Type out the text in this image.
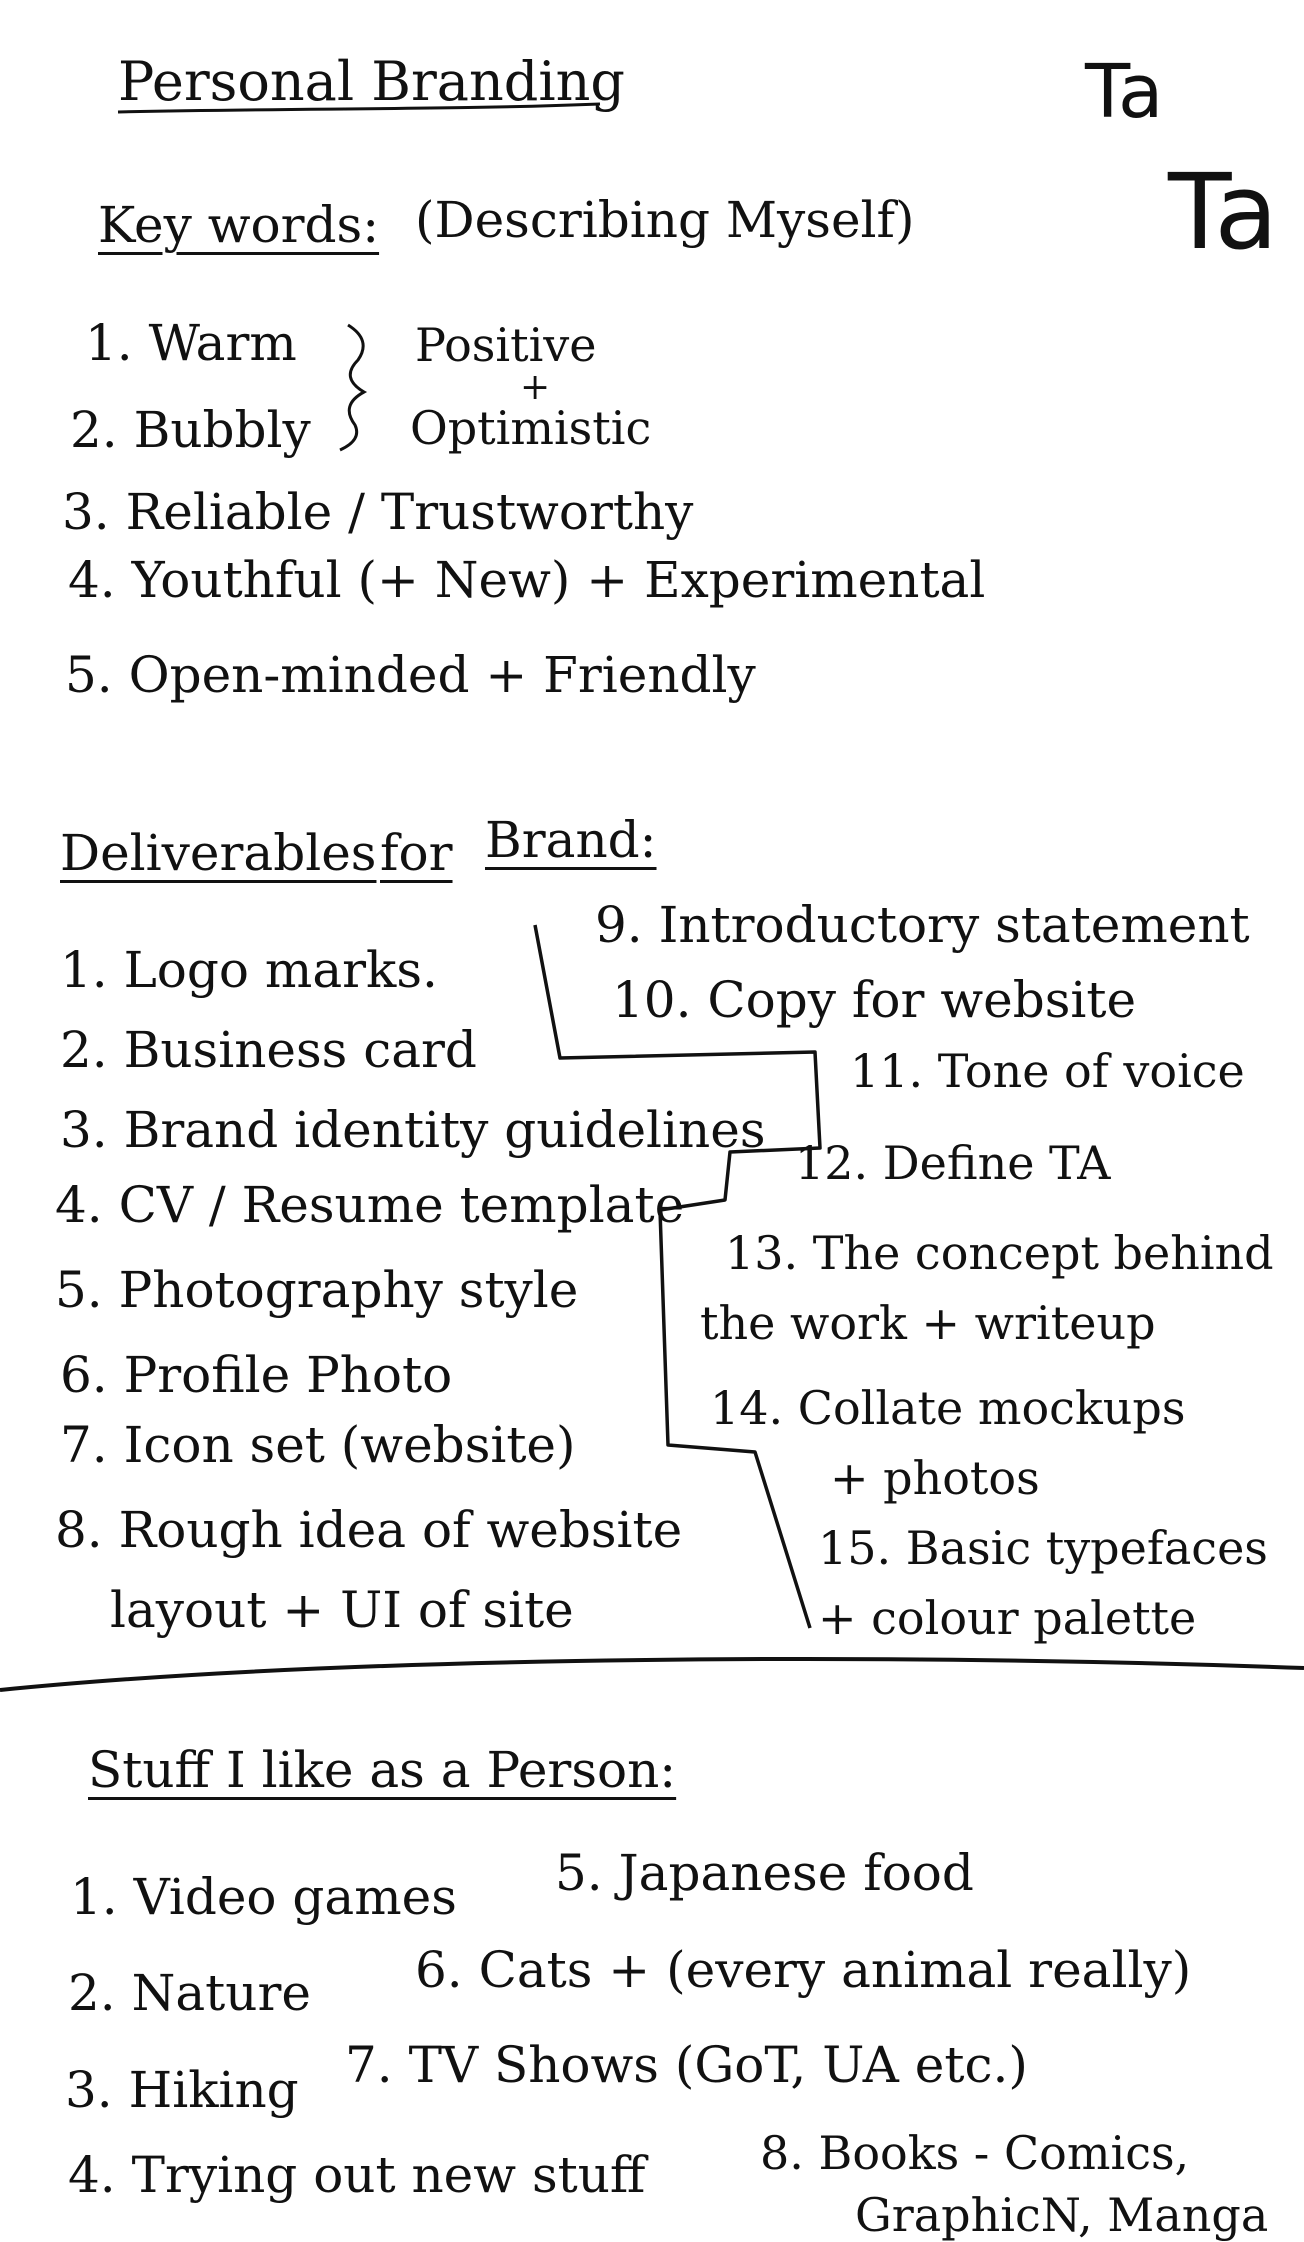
Personal Branding	Ta
Ta
Key words: (Describing Myself)
1. Warm
2. Bubbly
3. Reliable / Trustworthy
4. Youthful (+ New) + Experimental
5. Open-minded + Friendly
Positive
+
Optimistic
Deliverables for Brand:
1. Logo marks.
2. Business card
3. Brand identity guidelines
4. CV / Resume template
5. Photography style
6. Profile Photo
7. Icon set (website)
8. Rough idea of website
layout + UI of site
9. Introductory statement
10. Copy for website
11. Tone of voice
12. Define TA
13. The concept behind
the work + writeup
14. Collate mockups
+ photos
15. Basic typefaces
+ colour palette
Stuff I like as a Person:
1. Video games 5. Japanese food
2. Nature 6. Cats + (every animal really)
3. Hiking 7. TV Shows (GoT, UA etc.)
4. Trying out new stuff 8. Books - Comics,
GraphicN, Manga
